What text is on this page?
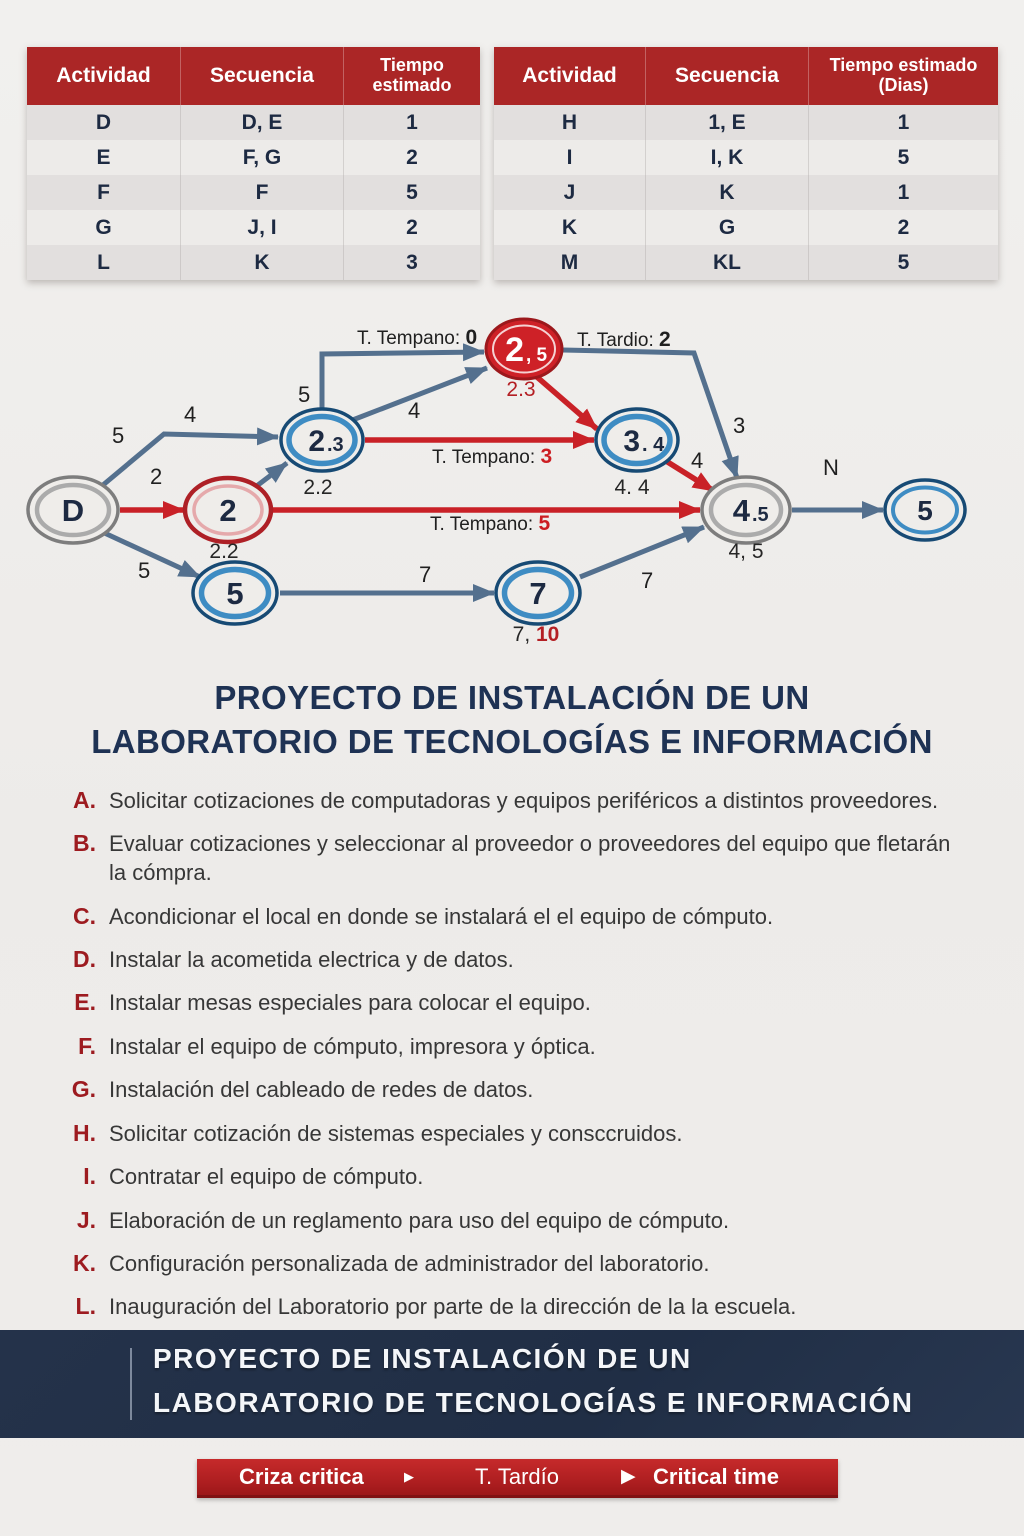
Actividad	Secuencia	Tiempo estimado
D	D, E	1
E	F, G	2
F	F	5
G	J, I	2
L	K	3
Actividad	Secuencia	Tiempo estimado (Dias)
H	1, E	1
I	I, K	5
J	K	1
K	G	2
M	KL	5
D	2
2 .3
2 , 5
3 . 4
4 .5	5
5	7
2.3
2.2	4. 4
2.2	4, 5
7, 10
T. Tempano: 0	T. Tardio: 2
T. Tempano: 3
T. Tempano: 5
5
4
2
5
5
4
3
4
7	7
N
PROYECTO DE INSTALACIÓN DE UN
LABORATORIO DE TECNOLOGÍAS E INFORMACIÓN
A. Solicitar cotizaciones de computadoras y equipos periféricos a distintos proveedores.
B. Evaluar cotizaciones y seleccionar al proveedor o proveedores del equipo que fletarán la cómpra.
C. Acondicionar el local en donde se instalará el el equipo de cómputo.
D. Instalar la acometida electrica y de datos.
E. Instalar mesas especiales para colocar el equipo.
F. Instalar el equipo de cómputo, impresora y óptica.
G. Instalación del cableado de redes de datos.
H. Solicitar cotización de sistemas especiales y consccruidos.
I. Contratar el equipo de cómputo.
J. Elaboración de un reglamento para uso del equipo de cómputo.
K. Configuración personalizada de administrador del laboratorio.
L. Inauguración del Laboratorio por parte de la dirección de la la escuela.
PROYECTO DE INSTALACIÓN DE UN
LABORATORIO DE TECNOLOGÍAS E INFORMACIÓN
Criza critica	▶	T. Tardío	▶ Critical time
